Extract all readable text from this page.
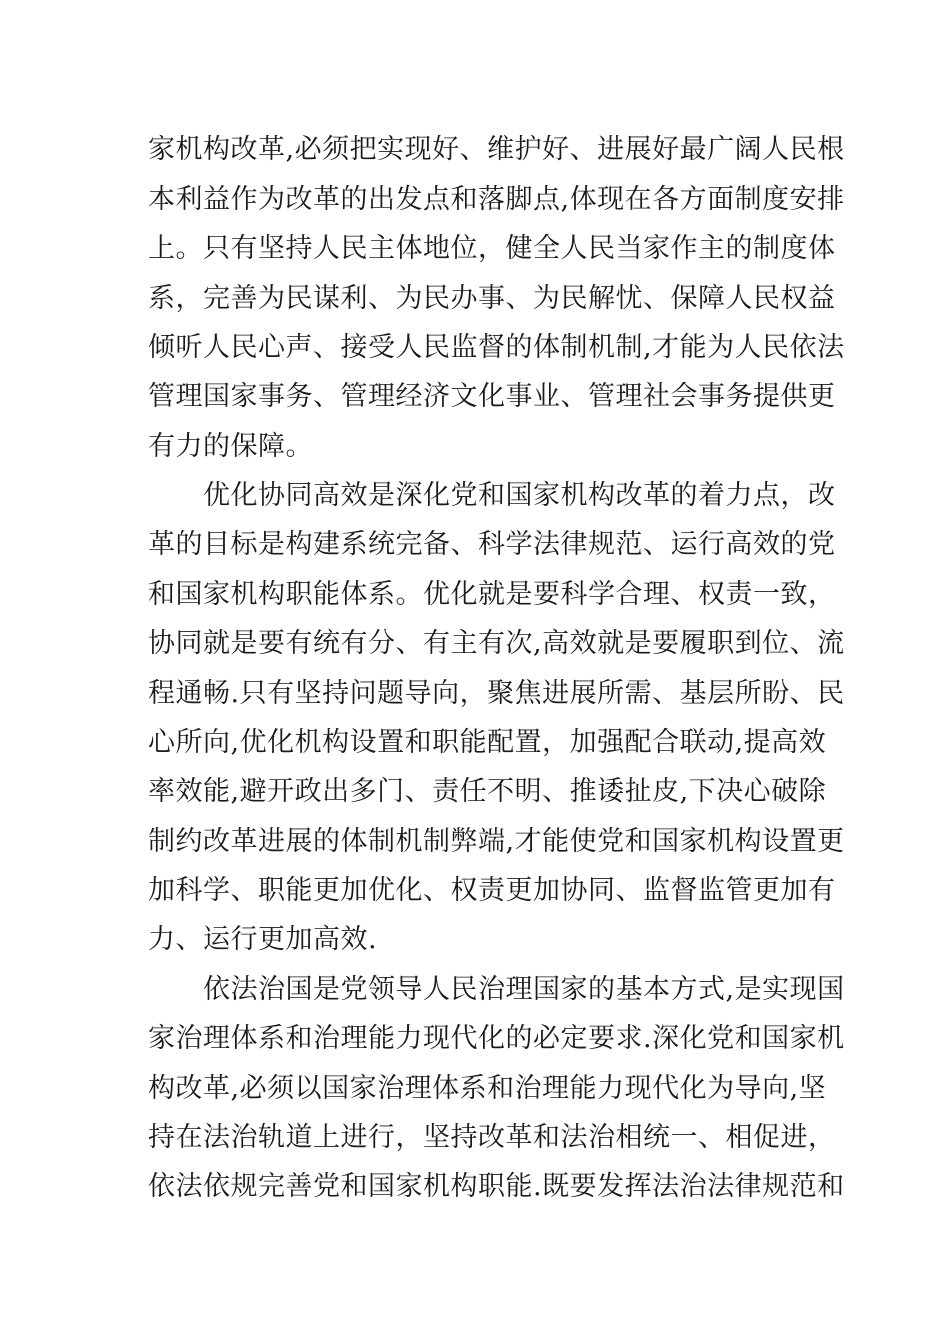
家机构改革,必须把实现好、维护好、进展好最广阔人民根
本利益作为改革的出发点和落脚点,体现在各方面制度安排
上。只有坚持人民主体地位，健全人民当家作主的制度体
系，完善为民谋利、为民办事、为民解忧、保障人民权益
倾听人民心声、接受人民监督的体制机制,才能为人民依法
管理国家事务、管理经济文化事业、管理社会事务提供更
有力的保障。
　　优化协同高效是深化党和国家机构改革的着力点，改
革的目标是构建系统完备、科学法律规范、运行高效的党
和国家机构职能体系。优化就是要科学合理、权责一致，
协同就是要有统有分、有主有次,高效就是要履职到位、流
程通畅.只有坚持问题导向，聚焦进展所需、基层所盼、民
心所向,优化机构设置和职能配置，加强配合联动,提高效
率效能,避开政出多门、责任不明、推诿扯皮,下决心破除
制约改革进展的体制机制弊端,才能使党和国家机构设置更
加科学、职能更加优化、权责更加协同、监督监管更加有
力、运行更加高效.
　　依法治国是党领导人民治理国家的基本方式,是实现国
家治理体系和治理能力现代化的必定要求.深化党和国家机
构改革,必须以国家治理体系和治理能力现代化为导向,坚
持在法治轨道上进行，坚持改革和法治相统一、相促进，
依法依规完善党和国家机构职能.既要发挥法治法律规范和
